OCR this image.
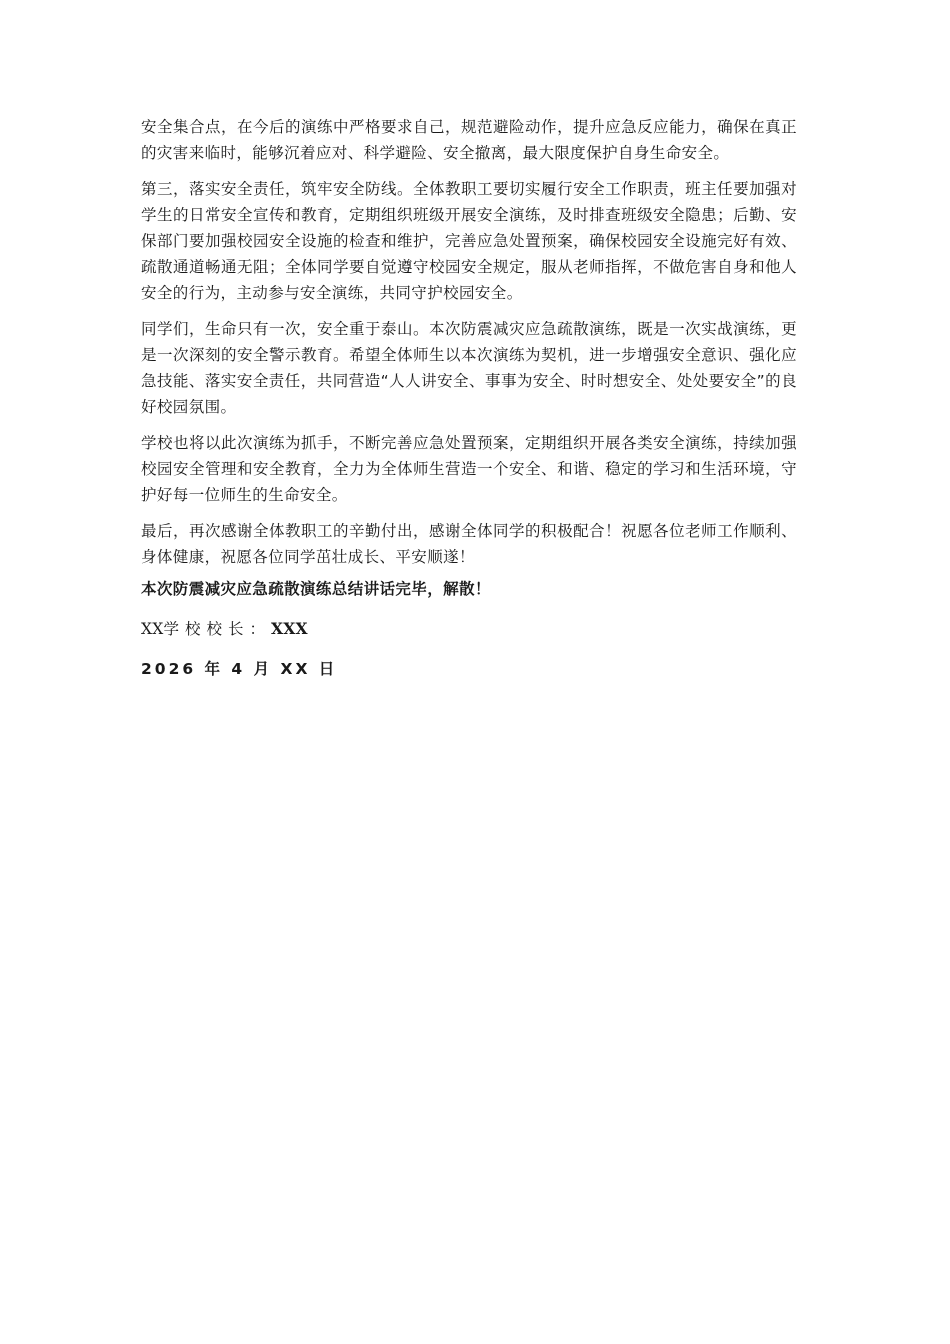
安全集合点，在今后的演练中严格要求自己，规范避险动作，提升应急反应能力，确保在真正的灾害来临时，能够沉着应对、科学避险、安全撤离，最大限度保护自身生命安全。

第三，落实安全责任，筑牢安全防线。全体教职工要切实履行安全工作职责，班主任要加强对学生的日常安全宣传和教育，定期组织班级开展安全演练，及时排查班级安全隐患；后勤、安保部门要加强校园安全设施的检查和维护，完善应急处置预案，确保校园安全设施完好有效、疏散通道畅通无阻；全体同学要自觉遵守校园安全规定，服从老师指挥，不做危害自身和他人安全的行为，主动参与安全演练，共同守护校园安全。

同学们，生命只有一次，安全重于泰山。本次防震减灾应急疏散演练，既是一次实战演练，更是一次深刻的安全警示教育。希望全体师生以本次演练为契机，进一步增强安全意识、强化应急技能、落实安全责任，共同营造“人人讲安全、事事为安全、时时想安全、处处要安全”的良好校园氛围。

学校也将以此次演练为抓手，不断完善应急处置预案，定期组织开展各类安全演练，持续加强校园安全管理和安全教育，全力为全体师生营造一个安全、和谐、稳定的学习和生活环境，守护好每一位师生的生命安全。

最后，再次感谢全体教职工的辛勤付出，感谢全体同学的积极配合！祝愿各位老师工作顺利、身体健康，祝愿各位同学茁壮成长、平安顺遂！

本次防震减灾应急疏散演练总结讲话完毕，解散！

XX学校校长：XXX

2026 年 4 月 XX 日
